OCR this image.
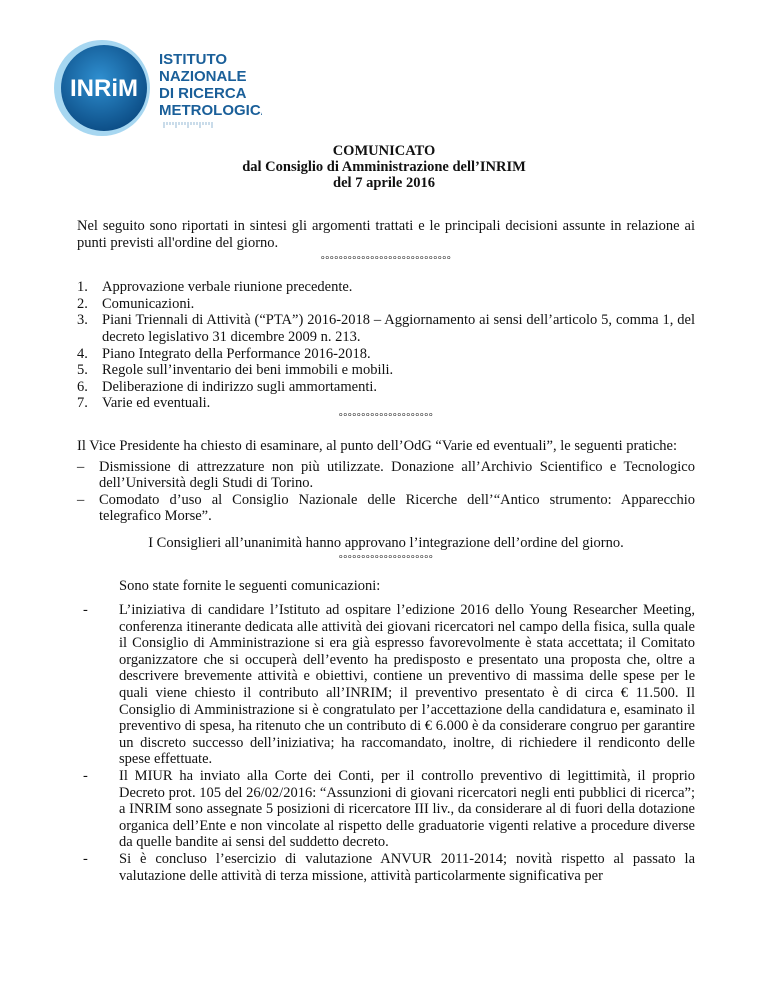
INRiM
ISTITUTO
NAZIONALE
DI RICERCA
METROLOGICA
COMUNICATO
dal Consiglio di Amministrazione dell’INRIM
del 7 aprile 2016

Nel seguito sono riportati in sintesi gli argomenti trattati e le principali decisioni assunte in relazione ai punti previsti all'ordine del giorno.

°°°°°°°°°°°°°°°°°°°°°°°°°°°°°
1. Approvazione verbale riunione precedente.
2. Comunicazioni.
3. Piani Triennali di Attività (“PTA”) 2016-2018 – Aggiornamento ai sensi dell’articolo 5, comma 1, del decreto legislativo 31 dicembre 2009 n. 213.
4. Piano Integrato della Performance 2016-2018.
5. Regole sull’inventario dei beni immobili e mobili.
6. Deliberazione di indirizzo sugli ammortamenti.
7. Varie ed eventuali.
°°°°°°°°°°°°°°°°°°°°°

Il Vice Presidente ha chiesto di esaminare, al punto dell’OdG “Varie ed eventuali”, le seguenti pratiche:

– Dismissione di attrezzature non più utilizzate. Donazione all’Archivio Scientifico e Tecnologico dell’Università degli Studi di Torino.
– Comodato d’uso al Consiglio Nazionale delle Ricerche dell’“Antico strumento: Apparecchio telegrafico Morse”.

I Consiglieri all’unanimità hanno approvano l’integrazione dell’ordine del giorno.

°°°°°°°°°°°°°°°°°°°°°

Sono state fornite le seguenti comunicazioni:

- L’iniziativa di candidare l’Istituto ad ospitare l’edizione 2016 dello Young Researcher Meeting, conferenza itinerante dedicata alle attività dei giovani ricercatori nel campo della fisica, sulla quale il Consiglio di Amministrazione si era già espresso favorevolmente è stata accettata; il Comitato organizzatore che si occuperà dell’evento ha predisposto e presentato una proposta che, oltre a descrivere brevemente attività e obiettivi, contiene un preventivo di massima delle spese per le quali viene chiesto il contributo all’INRIM; il preventivo presentato è di circa € 11.500. Il Consiglio di Amministrazione si è congratulato per l’accettazione della candidatura e, esaminato il preventivo di spesa, ha ritenuto che un contributo di € 6.000 è da considerare congruo per garantire un discreto successo dell’iniziativa; ha raccomandato, inoltre, di richiedere il rendiconto delle spese effettuate.
- Il MIUR ha inviato alla Corte dei Conti, per il controllo preventivo di legittimità, il proprio Decreto prot. 105 del 26/02/2016: “Assunzioni di giovani ricercatori negli enti pubblici di ricerca”; a INRIM sono assegnate 5 posizioni di ricercatore III liv., da considerare al di fuori della dotazione organica dell’Ente e non vincolate al rispetto delle graduatorie vigenti relative a procedure diverse da quelle bandite ai sensi del suddetto decreto.
- Si è concluso l’esercizio di valutazione ANVUR 2011-2014; novità rispetto al passato la valutazione delle attività di terza missione, attività particolarmente significativa per
